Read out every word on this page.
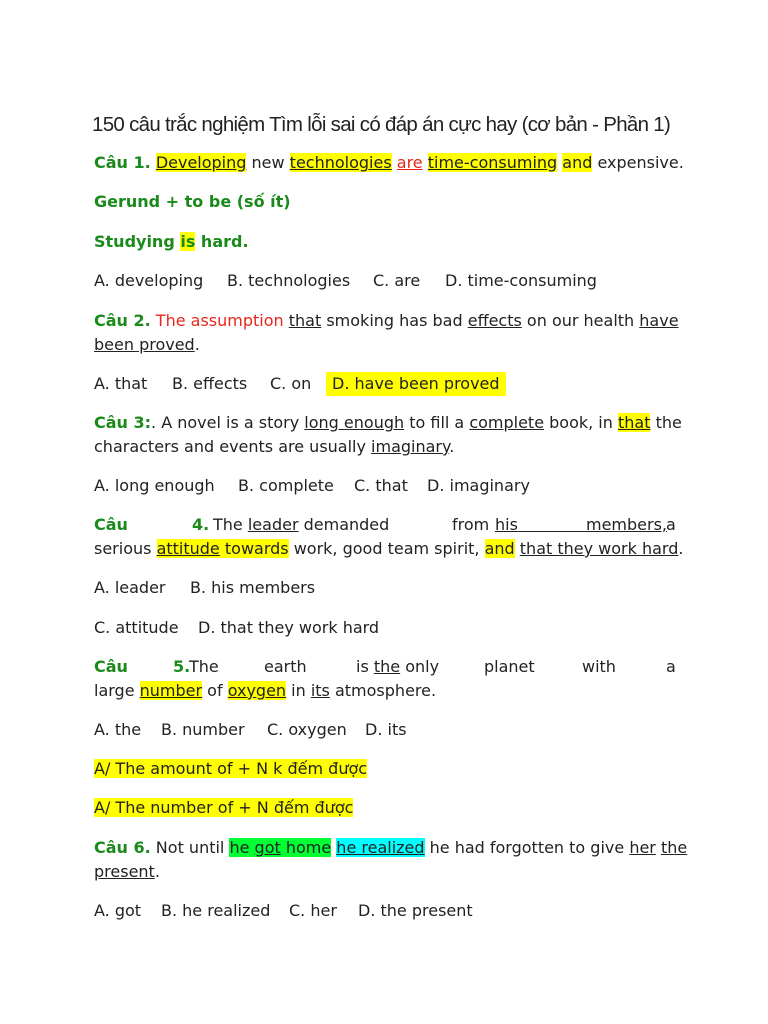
150 câu trắc nghiệm Tìm lỗi sai có đáp án cực hay (cơ bản - Phần 1)
Câu 1. Developing new technologies are time-consuming and expensive.
Gerund + to be (số ít)
Studying is hard.
A. developing B. technologies C. are D. time-consuming
Câu 2. The assumption that smoking has bad effects on our health have
been proved.
A. that B. effects C. on	D. have been proved
Câu 3:. A novel is a story long enough to fill a complete book, in that the
characters and events are usually imaginary.
A. long enough B. complete C. that D. imaginary
Câu	4. The leader demanded	from his	members, a
serious attitude towards work, good team spirit, and that they work hard.
A. leader B. his members
C. attitude D. that they work hard
Câu	5.
The	earth	is the only	planet	with	a
large number of oxygen in its atmosphere.
A. the B. number C. oxygen D. its
A/ The amount of + N k đếm được
A/ The number of + N đếm được
Câu 6. Not until he got home he realized he had forgotten to give her the
present.
A. got B. he realized C. her D. the present
